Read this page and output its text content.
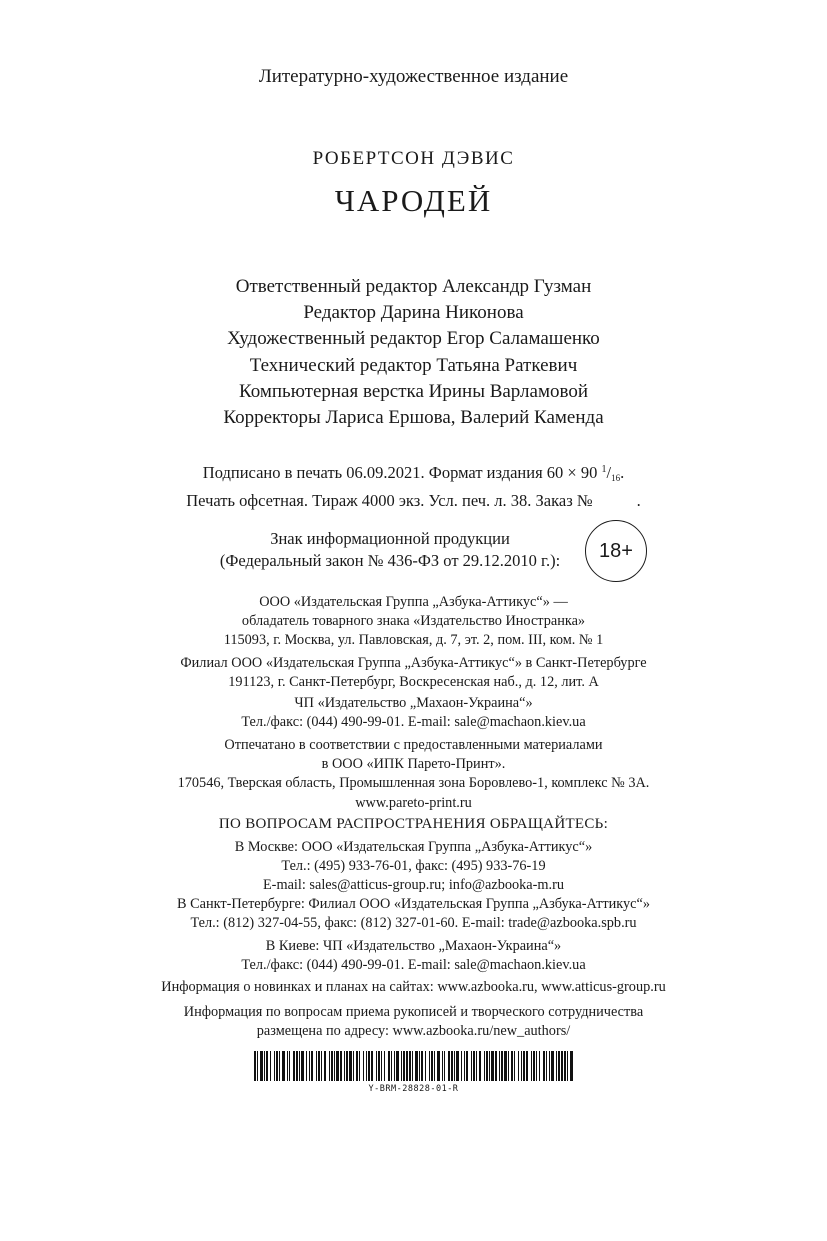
Литературно-художественное издание
РОБЕРТСОН ДЭВИС
ЧАРОДЕЙ
Ответственный редактор Александр Гузман
Редактор Дарина Никонова
Художественный редактор Егор Саламашенко
Технический редактор Татьяна Раткевич
Компьютерная верстка Ирины Варламовой
Корректоры Лариса Ершова, Валерий Каменда
Подписано в печать 06.09.2021. Формат издания 60 × 90 $^1/_{16}$.
Печать офсетная. Тираж 4000 экз. Усл. печ. л. 38. Заказ №	.
Знак информационной продукции
(Федеральный закон № 436-ФЗ от 29.12.2010 г.):	18+
ООО «Издательская Группа „Азбука-Аттикус“» —
обладатель товарного знака «Издательство Иностранка»
115093, г. Москва, ул. Павловская, д. 7, эт. 2, пом. III, ком. № 1
Филиал ООО «Издательская Группа „Азбука-Аттикус“» в Санкт-Петербурге
191123, г. Санкт-Петербург, Воскресенская наб., д. 12, лит. А
ЧП «Издательство „Махаон-Украина“»
Тел./факс: (044) 490-99-01. E-mail: sale@machaon.kiev.ua
Отпечатано в соответствии с предоставленными материалами
в ООО «ИПК Парето-Принт».
170546, Тверская область, Промышленная зона Боровлево-1, комплекс № 3А.
www.pareto-print.ru
ПО ВОПРОСАМ РАСПРОСТРАНЕНИЯ ОБРАЩАЙТЕСЬ:
В Москве: ООО «Издательская Группа „Азбука-Аттикус“»
Тел.: (495) 933-76-01, факс: (495) 933-76-19
E-mail: sales@atticus-group.ru; info@azbooka-m.ru
В Санкт-Петербурге: Филиал ООО «Издательская Группа „Азбука-Аттикус“»
Тел.: (812) 327-04-55, факс: (812) 327-01-60. E-mail: trade@azbooka.spb.ru
В Киеве: ЧП «Издательство „Махаон-Украина“»
Тел./факс: (044) 490-99-01. E-mail: sale@machaon.kiev.ua
Информация о новинках и планах на сайтах: www.azbooka.ru, www.atticus-group.ru
Информация по вопросам приема рукописей и творческого сотрудничества
размещена по адресу: www.azbooka.ru/new_authors/
Y-BRM-28828-01-R
